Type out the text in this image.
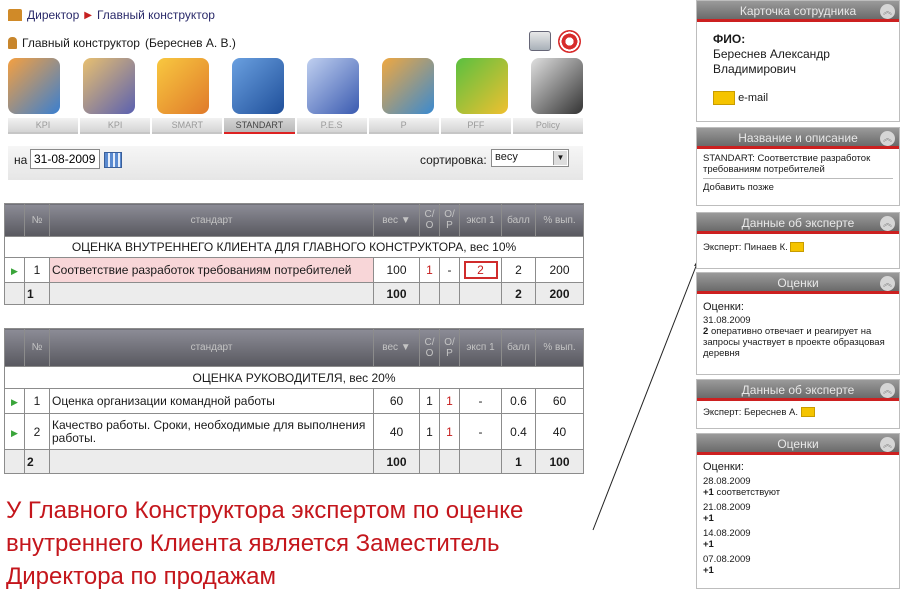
Директор ▶ Главный конструктор
Главный конструктор (Береснев А. В.)
KPI	KPI	SMART	STANDART	P.E.S	P	PFF	Policy
на
31-08-2009	сортировка: весу	▼
	№	стандарт	вес ▼	С/О	О/Р	эксп 1	балл	% вып.
ОЦЕНКА ВНУТРЕННЕГО КЛИЕНТА ДЛЯ ГЛАВНОГО КОНСТРУКТОРА, вес 10%								
▶	1	Соответствие разработок требованиям потребителей	100	1	-	2	2	200
	1		100				2	200
	№	стандарт	вес ▼	С/О	О/Р	эксп 1	балл	% вып.
ОЦЕНКА РУКОВОДИТЕЛЯ, вес 20%								
▶	1	Оценка организации командной работы	60	1	1	-	0.6	60
▶	2	Качество работы. Сроки, необходимые для выполнения работы.	40	1	1	-	0.4	40
	2		100				1	100
У Главного Конструктора экспертом по оценке внутреннего Клиента является Заместитель Директора по продажам
Карточка сотрудника	︽
ФИО:
Береснев Александр
Владимирович
e-mail
Название и описание	︽
STANDART: Соответствие разработок требованиям потребителей
Добавить позже
Данные об эксперте	︽
Эксперт: Пинаев К.
Оценки	︽
Оценки:
31.08.2009
2 оперативно отвечает и реагирует на запросы участвует в проекте образцовая деревня
Данные об эксперте	︽
Эксперт: Береснев А.
Оценки	︽
Оценки:
28.08.2009
+1 соответствуют
21.08.2009
+1
14.08.2009
+1
07.08.2009
+1
